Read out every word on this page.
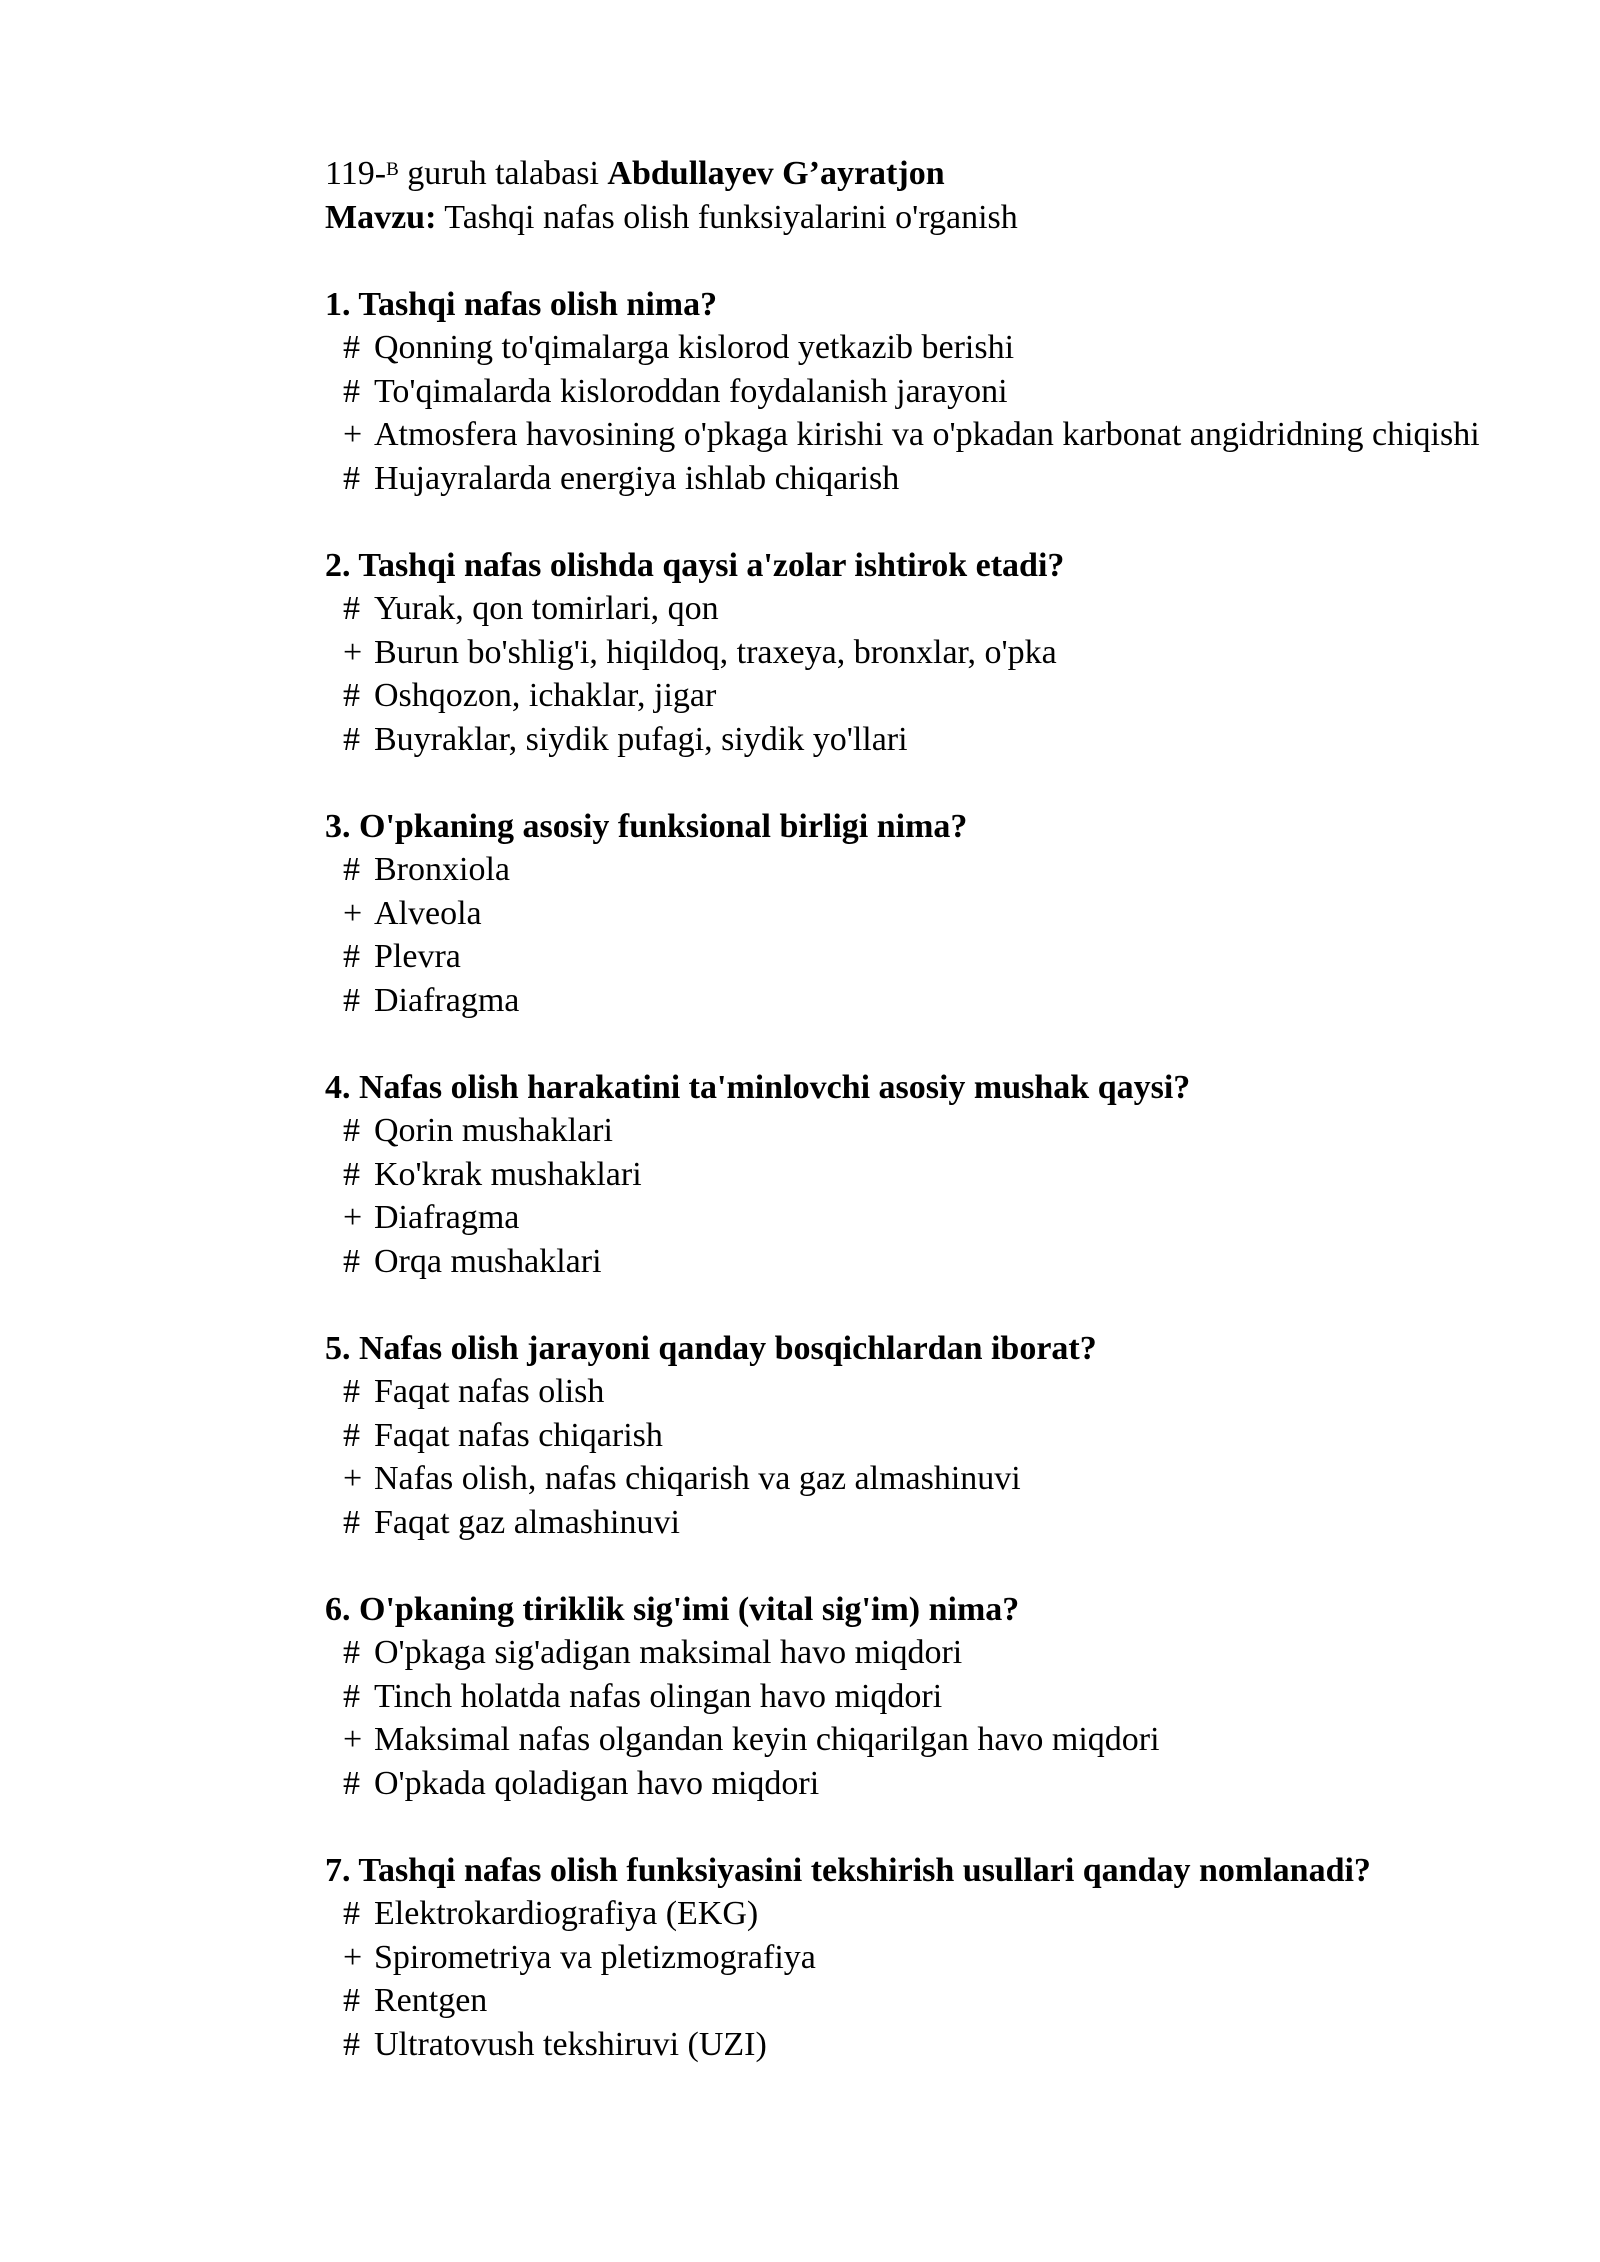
119-$^B$ guruh talabasi Abdullayev G’ayratjon
Mavzu: Tashqi nafas olish funksiyalarini o'rganish
1. Tashqi nafas olish nima?
# Qonning to'qimalarga kislorod yetkazib berishi
# To'qimalarda kisloroddan foydalanish jarayoni
+ Atmosfera havosining o'pkaga kirishi va o'pkadan karbonat angidridning chiqishi
# Hujayralarda energiya ishlab chiqarish
2. Tashqi nafas olishda qaysi a'zolar ishtirok etadi?
# Yurak, qon tomirlari, qon
+ Burun bo'shlig'i, hiqildoq, traxeya, bronxlar, o'pka
# Oshqozon, ichaklar, jigar
# Buyraklar, siydik pufagi, siydik yo'llari
3. O'pkaning asosiy funksional birligi nima?
# Bronxiola
+ Alveola
# Plevra
# Diafragma
4. Nafas olish harakatini ta'minlovchi asosiy mushak qaysi?
# Qorin mushaklari
# Ko'krak mushaklari
+ Diafragma
# Orqa mushaklari
5. Nafas olish jarayoni qanday bosqichlardan iborat?
# Faqat nafas olish
# Faqat nafas chiqarish
+ Nafas olish, nafas chiqarish va gaz almashinuvi
# Faqat gaz almashinuvi
6. O'pkaning tiriklik sig'imi (vital sig'im) nima?
# O'pkaga sig'adigan maksimal havo miqdori
# Tinch holatda nafas olingan havo miqdori
+ Maksimal nafas olgandan keyin chiqarilgan havo miqdori
# O'pkada qoladigan havo miqdori
7. Tashqi nafas olish funksiyasini tekshirish usullari qanday nomlanadi?
# Elektrokardiografiya (EKG)
+ Spirometriya va pletizmografiya
# Rentgen
# Ultratovush tekshiruvi (UZI)
